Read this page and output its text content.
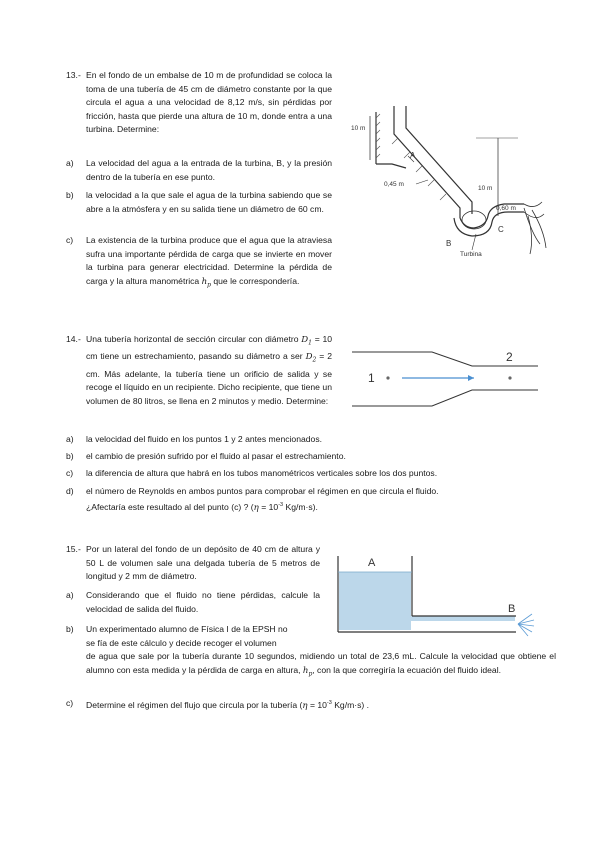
13.- En el fondo de un embalse de 10 m de profundidad se coloca la toma de una tubería de 45 cm de diámetro constante por la que circula el agua a una velocidad de 8,12 m/s, sin pérdidas por fricción, hasta que pierde una altura de 10 m, donde entra a una turbina. Determine:
a) La velocidad del agua a la entrada de la turbina, B, y la presión dentro de la tubería en ese punto.
b) la velocidad a la que sale el agua de la turbina sabiendo que se abre a la atmósfera y en su salida tiene un diámetro de 60 cm.
c) La existencia de la turbina produce que el agua que la atraviesa sufra una importante pérdida de carga que se invierte en mover la turbina para generar electricidad. Determine la pérdida de carga y la altura manométrica $h_p$ que le correspondería.
10 m
A
0,45 m
B
Turbina
10 m
0,60 m
C
14.- Una tubería horizontal de sección circular con diámetro $D_1 = 10$ cm tiene un estrechamiento, pasando su diámetro a ser $D_2 = 2$ cm. Más adelante, la tubería tiene un orificio de salida y se recoge el líquido en un recipiente. Dicho recipiente, que tiene un volumen de 80 litros, se llena en 2 minutos y medio. Determine:
1
2
a) la velocidad del fluido en los puntos 1 y 2 antes mencionados.
b) el cambio de presión sufrido por el fluido al pasar el estrechamiento.
c) la diferencia de altura que habrá en los tubos manométricos verticales sobre los dos puntos.
d) el número de Reynolds en ambos puntos para comprobar el régimen en que circula el fluido.
¿Afectaría este resultado al del punto (c) ? ($\eta = 10^{-3}$ Kg/m·s).
15.- Por un lateral del fondo de un depósito de 40 cm de altura y 50 L de volumen sale una delgada tubería de 5 metros de longitud y 2 mm de diámetro.
a) Considerando que el fluido no tiene pérdidas, calcule la velocidad de salida del fluido.
b) Un experimentado alumno de Física I de la EPSH no
se fía de este cálculo y decide recoger el volumen
de agua que sale por la tubería durante 10 segundos, midiendo un total de 23,6 mL. Calcule la velocidad que obtiene el alumno con esta medida y la pérdida de carga en altura, $h_p$, con la que corregiría la ecuación del fluido ideal.
c) Determine el régimen del flujo que circula por la tubería ($\eta = 10^{-3}$ Kg/m·s) .
A
B
